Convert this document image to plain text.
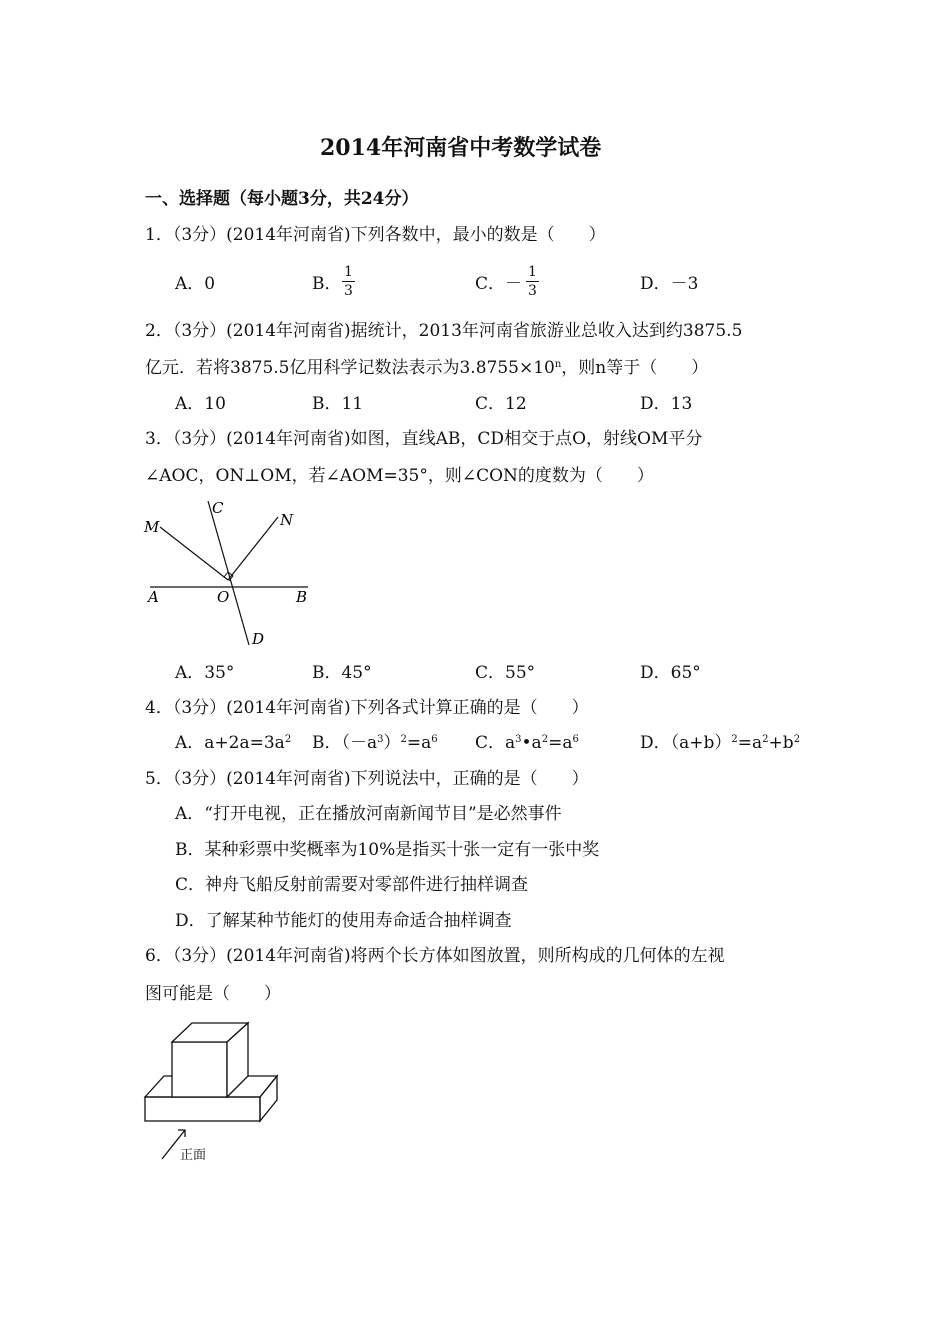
2014年河南省中考数学试卷
一、选择题（每小题3分，共24分）
1．（3分）(2014年河南省)下列各数中，最小的数是（　　）
A．0	B． $\frac{1}{3}$	C．－ $\frac{1}{3}$	D．－3
2．（3分）(2014年河南省)据统计，2013年河南省旅游业总收入达到约3875.5
亿元．若将3875.5亿用科学记数法表示为$3.8755\times 10^n$，则n等于（　　）
A．10	B．11	C．12	D．13
3．（3分）(2014年河南省)如图，直线AB，CD相交于点O，射线OM平分
∠AOC，ON⊥OM，若∠AOM=35°，则∠CON的度数为（　　）
M
C
N
A	O	B
D
A．35°	B．45°	C．55°	D．65°
4．（3分）(2014年河南省)下列各式计算正确的是（　　）
A．$a+2a=3a^2$ B．$(-a^3)^2=a^6$ C．$a^3•a^2=a^6$	D．$(a+b)^2=a^2+b^2$
5．（3分）(2014年河南省)下列说法中，正确的是（　　）
A．“打开电视，正在播放河南新闻节目”是必然事件
B．某种彩票中奖概率为10%是指买十张一定有一张中奖
C．神舟飞船反射前需要对零部件进行抽样调查
D．了解某种节能灯的使用寿命适合抽样调查
6．（3分）(2014年河南省)将两个长方体如图放置，则所构成的几何体的左视
图可能是（　　）
正面
